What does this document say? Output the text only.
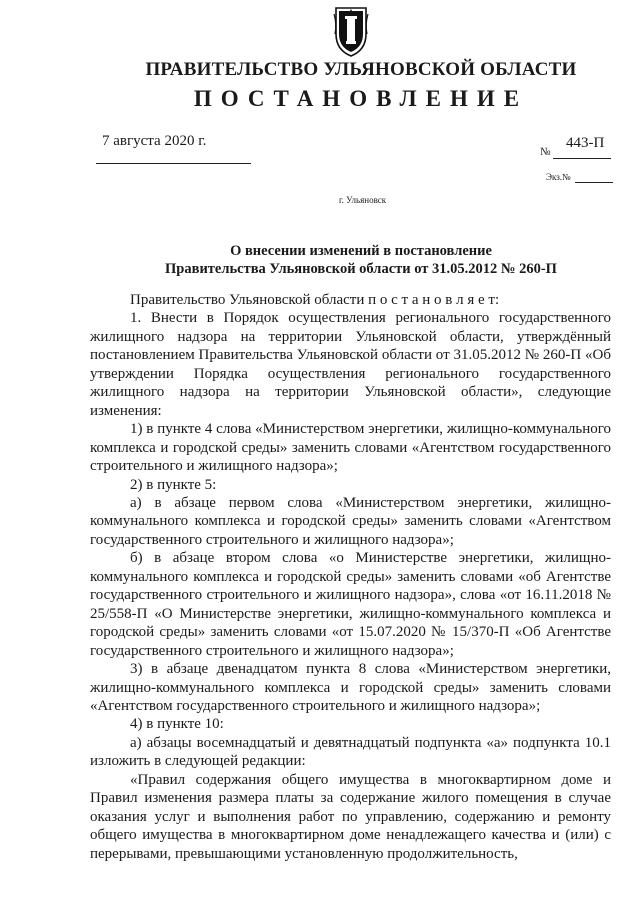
ПРАВИТЕЛЬСТВО УЛЬЯНОВСКОЙ ОБЛАСТИ
ПОСТАНОВЛЕНИЕ
7 августа 2020 г.
№
443-П
Экз.№
г. Ульяновск
О внесении изменений в постановление
Правительства Ульяновской области от 31.05.2012 № 260-П

Правительство Ульяновской области п о с т а н о в л я е т:

1. Внести в Порядок осуществления регионального государственного жилищного надзора на территории Ульяновской области, утверждённый постановлением Правительства Ульяновской области от 31.05.2012 № 260-П «Об утверждении Порядка осуществления регионального государственного жилищного надзора на территории Ульяновской области», следующие изменения:

1) в пункте 4 слова «Министерством энергетики, жилищно-коммунального комплекса и городской среды» заменить словами «Агентством государственного строительного и жилищного надзора»;

2) в пункте 5:

а) в абзаце первом слова «Министерством энергетики, жилищно-коммунального комплекса и городской среды» заменить словами «Агентством государственного строительного и жилищного надзора»;

б) в абзаце втором слова «о Министерстве энергетики, жилищно-коммунального комплекса и городской среды» заменить словами «об Агентстве государственного строительного и жилищного надзора», слова «от 16.11.2018 № 25/558-П «О Министерстве энергетики, жилищно-коммунального комплекса и городской среды» заменить словами «от 15.07.2020 № 15/370-П «Об Агентстве государственного строительного и жилищного надзора»;

3) в абзаце двенадцатом пункта 8 слова «Министерством энергетики, жилищно-коммунального комплекса и городской среды» заменить словами «Агентством государственного строительного и жилищного надзора»;

4) в пункте 10:

а) абзацы восемнадцатый и девятнадцатый подпункта «а» подпункта 10.1 изложить в следующей редакции:

«Правил содержания общего имущества в многоквартирном доме и Правил изменения размера платы за содержание жилого помещения в случае оказания услуг и выполнения работ по управлению, содержанию и ремонту общего имущества в многоквартирном доме ненадлежащего качества и (или) с перерывами, превышающими установленную продолжительность,
